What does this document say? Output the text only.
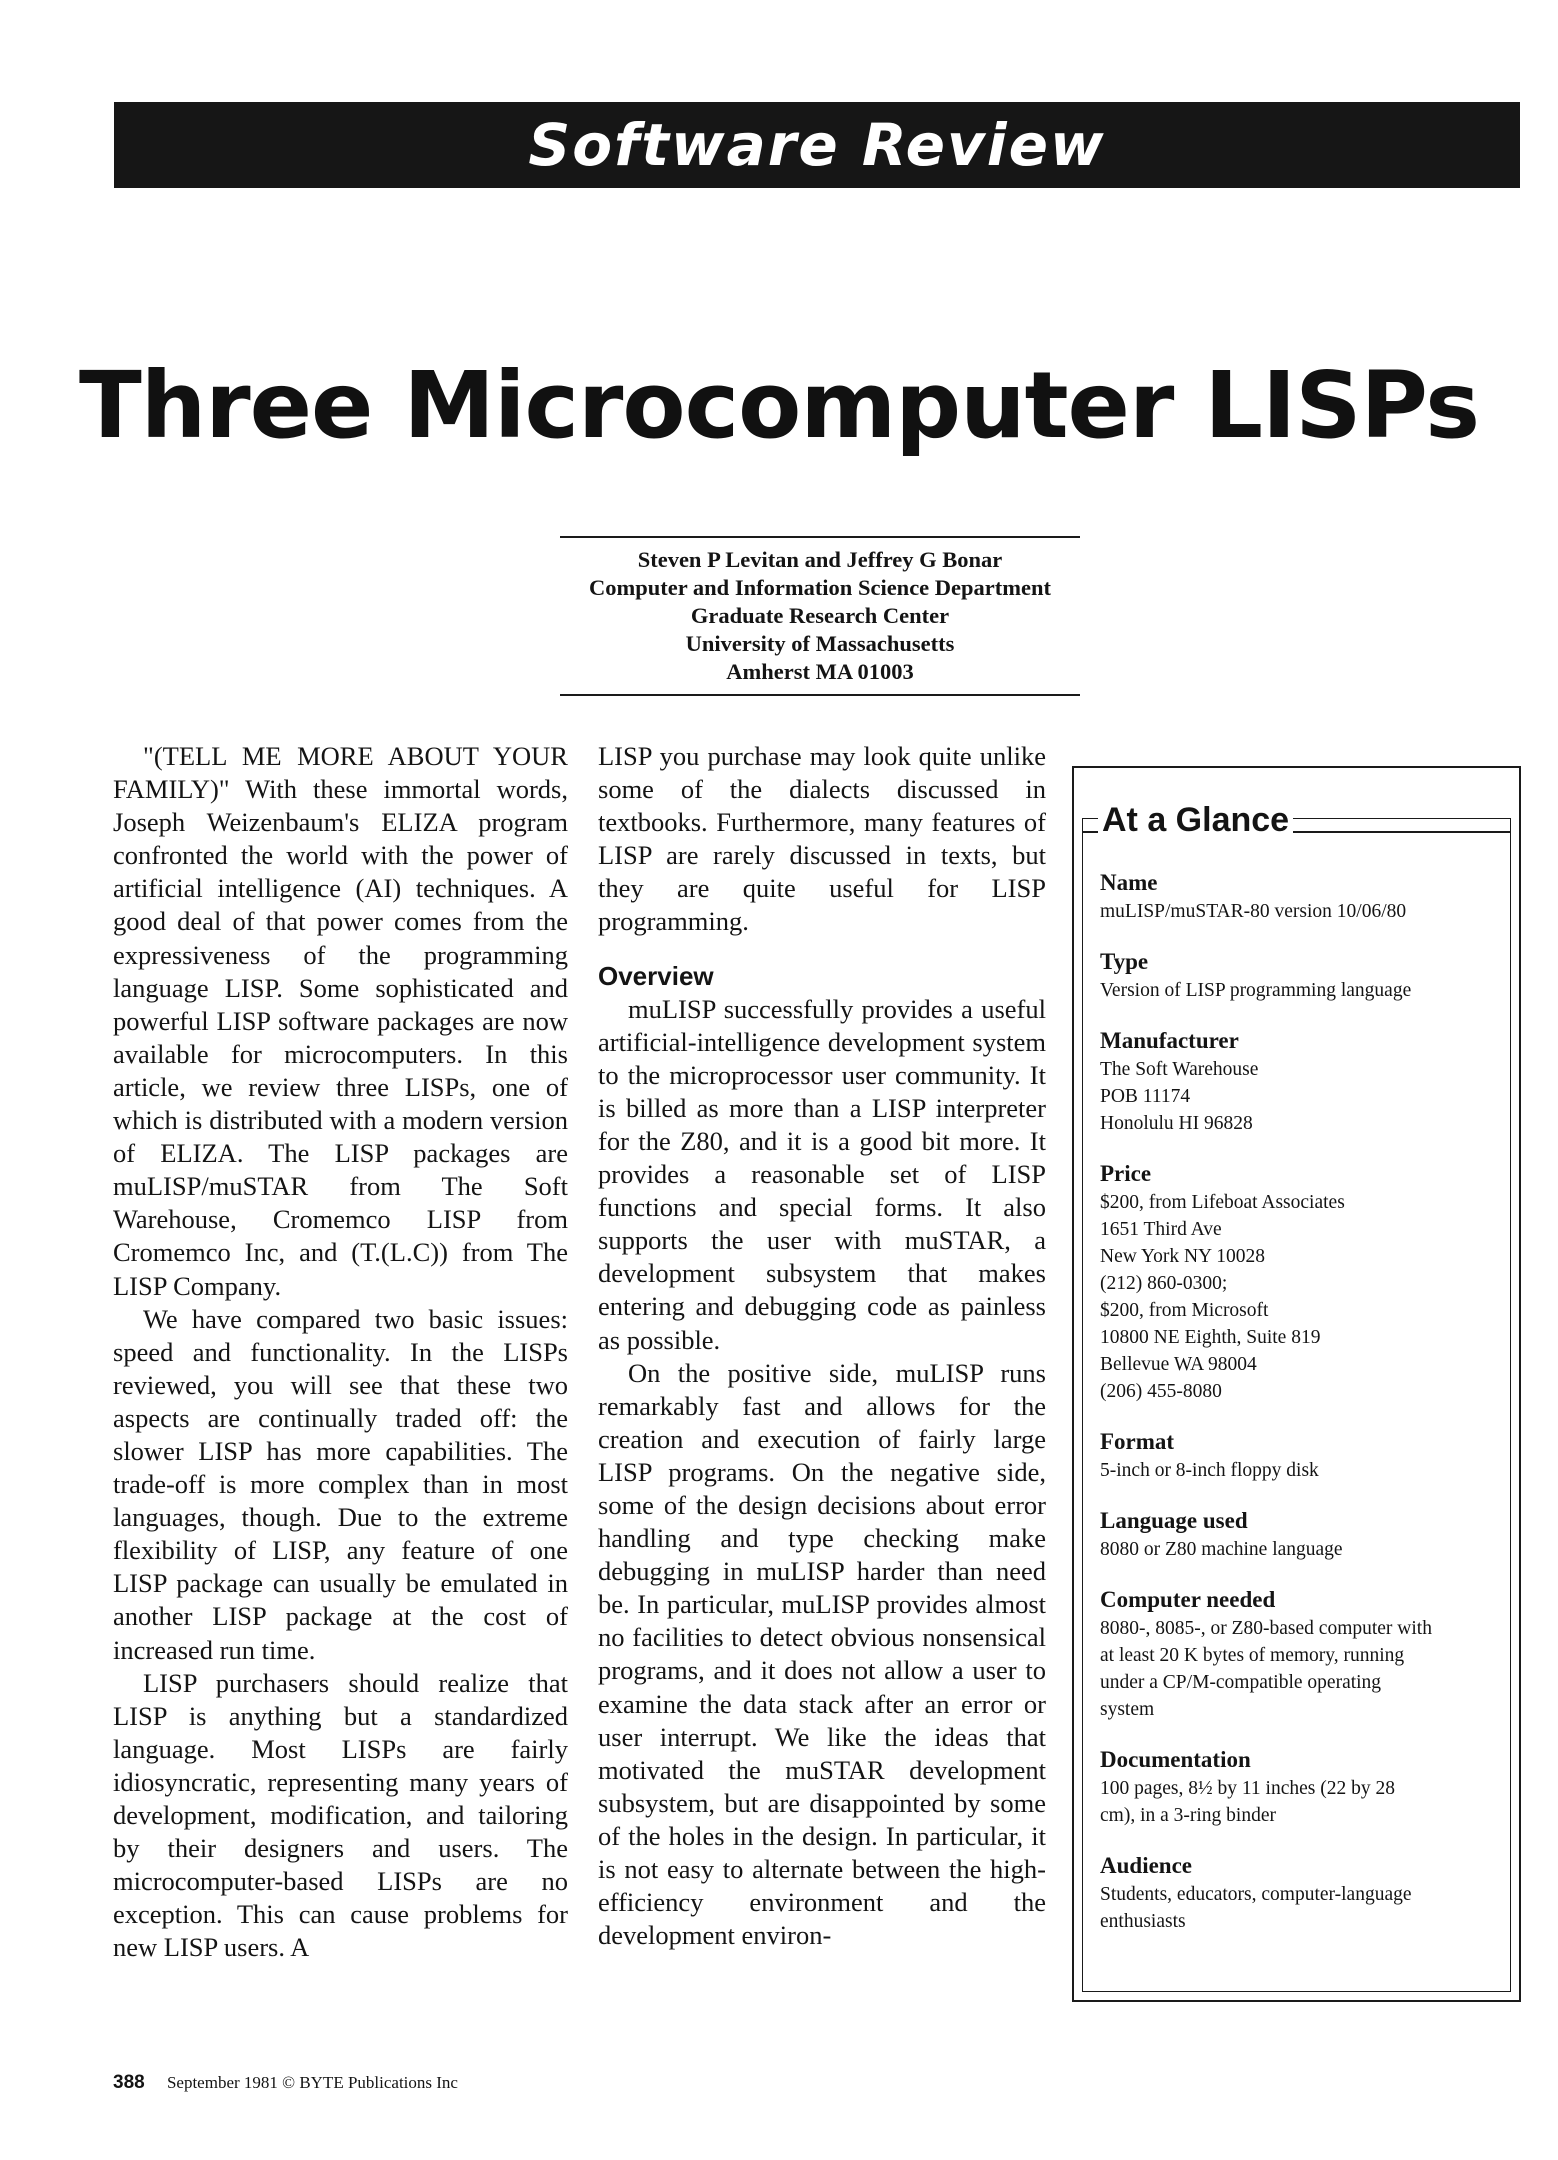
Software Review
Three Microcomputer LISPs
Steven P Levitan and Jeffrey G Bonar
Computer and Information Science Department
Graduate Research Center
University of Massachusetts
Amherst MA 01003

"(TELL ME MORE ABOUT YOUR FAMILY)" With these immortal words, Joseph Weizenbaum's ELIZA program confronted the world with the power of artificial intelligence (AI) techniques. A good deal of that power comes from the expressiveness of the programming language LISP. Some sophisticated and powerful LISP software packages are now available for microcomputers. In this article, we review three LISPs, one of which is distributed with a modern version of ELIZA. The LISP packages are muLISP/muSTAR from The Soft Warehouse, Cromemco LISP from Cromemco Inc, and (T.(L.C)) from The LISP Company.

We have compared two basic issues: speed and functionality. In the LISPs reviewed, you will see that these two aspects are continually traded off: the slower LISP has more capabilities. The trade-off is more complex than in most languages, though. Due to the extreme flexibility of LISP, any feature of one LISP package can usually be emulated in another LISP package at the cost of increased run time.

LISP purchasers should realize that LISP is anything but a standardized language. Most LISPs are fairly idiosyncratic, representing many years of development, modification, and tailoring by their designers and users. The microcomputer-based LISPs are no exception. This can cause problems for new LISP users. A

LISP you purchase may look quite unlike some of the dialects discussed in textbooks. Furthermore, many features of LISP are rarely discussed in texts, but they are quite useful for LISP programming.

Overview

muLISP successfully provides a useful artificial-intelligence development system to the microprocessor user community. It is billed as more than a LISP interpreter for the Z80, and it is a good bit more. It provides a reasonable set of LISP functions and special forms. It also supports the user with muSTAR, a development subsystem that makes entering and debugging code as painless as possible.

On the positive side, muLISP runs remarkably fast and allows for the creation and execution of fairly large LISP programs. On the negative side, some of the design decisions about error handling and type checking make debugging in muLISP harder than need be. In particular, muLISP provides almost no facilities to detect obvious nonsensical programs, and it does not allow a user to examine the data stack after an error or user interrupt. We like the ideas that motivated the muSTAR development subsystem, but are disappointed by some of the holes in the design. In particular, it is not easy to alternate between the high-efficiency environment and the development environ-

At a Glance
Name
muLISP/muSTAR-80 version 10/06/80
Type
Version of LISP programming language
Manufacturer
The Soft Warehouse
POB 11174
Honolulu HI 96828
Price
$200, from Lifeboat Associates
1651 Third Ave
New York NY 10028
(212) 860-0300;
$200, from Microsoft
10800 NE Eighth, Suite 819
Bellevue WA 98004
(206) 455-8080
Format
5-inch or 8-inch floppy disk
Language used
8080 or Z80 machine language
Computer needed
8080-, 8085-, or Z80-based computer with
at least 20 K bytes of memory, running
under a CP/M-compatible operating
system
Documentation
100 pages, 8½ by 11 inches (22 by 28
cm), in a 3-ring binder
Audience
Students, educators, computer-language
enthusiasts
388 September 1981 © BYTE Publications Inc
